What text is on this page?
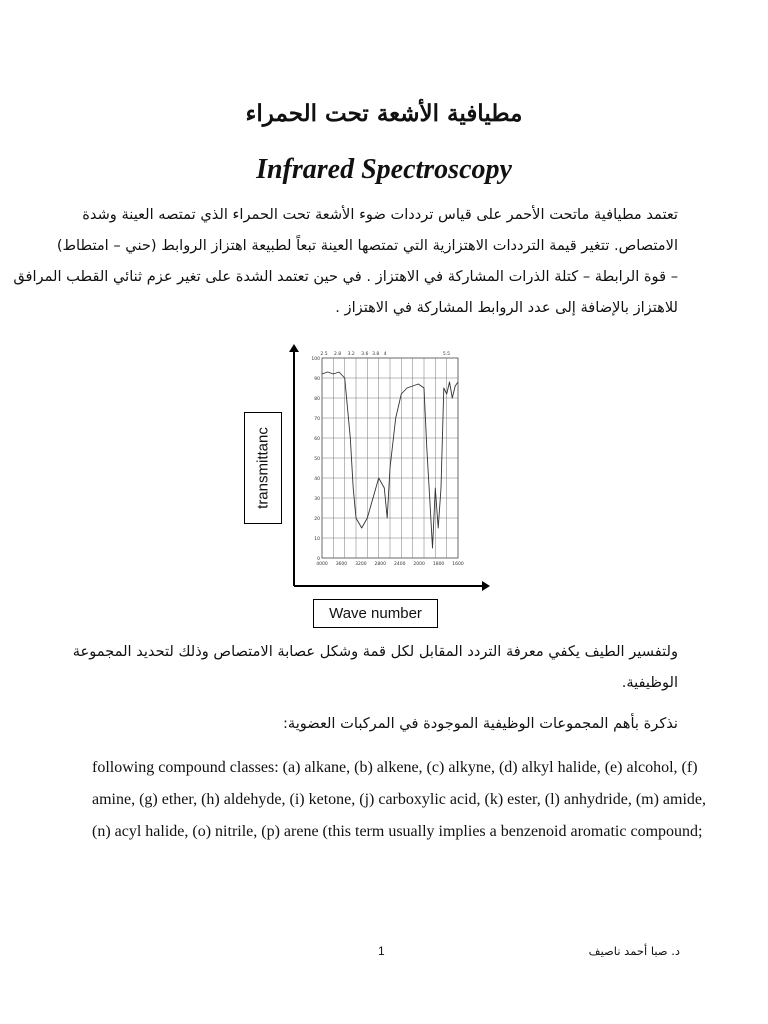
مطيافية الأشعة تحت الحمراء
Infrared Spectroscopy
تعتمد مطيافية ماتحت الأحمر على قياس ترددات ضوء الأشعة تحت الحمراء الذي تمتصه العينة وشدة
الامتصاص. تتغير قيمة الترددات الاهتزازية التي تمتصها العينة تبعاً لطبيعة اهتزاز الروابط (حني – امتطاط)
– قوة الرابطة – كتلة الذرات المشاركة في الاهتزاز . في حين تعتمد الشدة على تغير عزم ثنائي القطب المرافق
للاهتزاز بالإضافة إلى عدد الروابط المشاركة في الاهتزاز .
100
90
80
70
60
50
40
30
20
10
0
4000 3600 3200 2800 2400 2000 1800 1600
2.5 2.8 3.2 3.6 3.8 4	5.5
transmittanc
Wave number
ولتفسير الطيف يكفي معرفة التردد المقابل لكل قمة وشكل عصابة الامتصاص وذلك لتحديد المجموعة
الوظيفية.
نذكرة بأهم المجموعات الوظيفية الموجودة في المركبات العضوية:
following compound classes: (a) alkane, (b) alkene, (c) alkyne, (d) alkyl halide, (e) alcohol, (f)
amine, (g) ether, (h) aldehyde, (i) ketone, (j) carboxylic acid, (k) ester, (l) anhydride, (m) amide,
(n) acyl halide, (o) nitrile, (p) arene (this term usually implies a benzenoid aromatic compound;
1	د. صبا أحمد ناصيف
